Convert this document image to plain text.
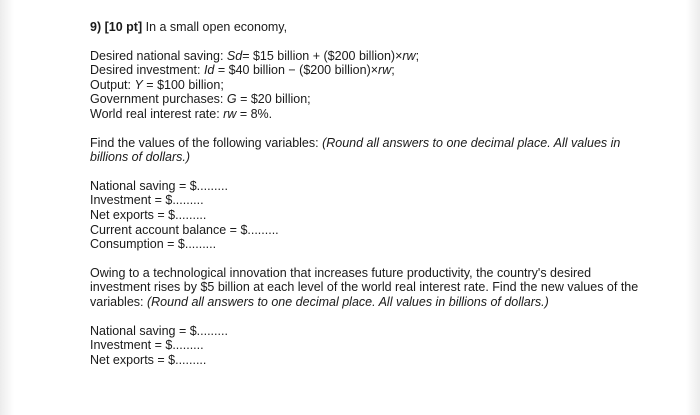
9) [10 pt] In a small open economy,

Desired national saving: Sd= $15 billion + ($200 billion)×rw;

Desired investment: Id = $40 billion − ($200 billion)×rw;

Output: Y = $100 billion;

Government purchases: G = $20 billion;

World real interest rate: rw = 8%.

Find the values of the following variables: (Round all answers to one decimal place. All values in billions of dollars.)

National saving = $.........

Investment = $.........

Net exports = $.........

Current account balance = $.........

Consumption = $.........

Owing to a technological innovation that increases future productivity, the country's desired investment rises by $5 billion at each level of the world real interest rate. Find the new values of the variables: (Round all answers to one decimal place. All values in billions of dollars.)

National saving = $.........

Investment = $.........

Net exports = $.........
